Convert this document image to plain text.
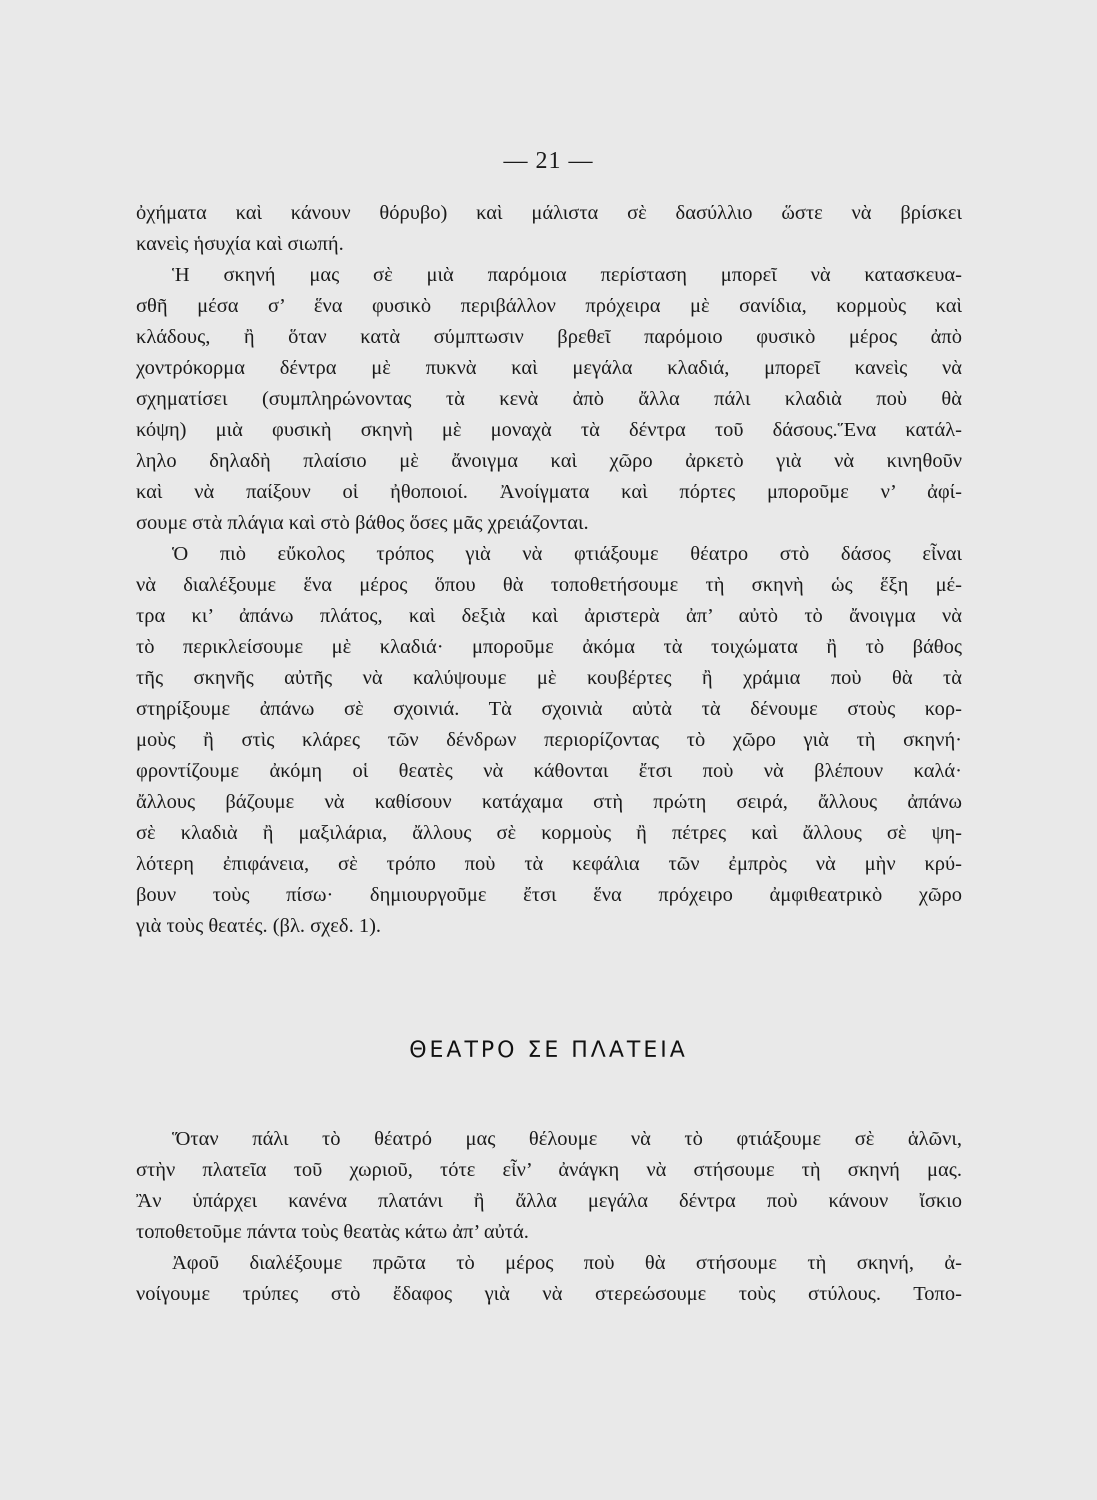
— 21 —
ὀχήματα καὶ κάνουν θόρυβο) καὶ μάλιστα σὲ δασύλλιο ὥστε νὰ βρίσκει
κανεὶς ἡσυχία καὶ σιωπή.
Ἡ σκηνή μας σὲ μιὰ παρόμοια περίσταση μπορεῖ νὰ κατασκευα-
σθῆ μέσα σ’ ἕνα φυσικὸ περιβάλλον πρόχειρα μὲ σανίδια, κορμοὺς καὶ
κλάδους, ἢ ὅταν κατὰ σύμπτωσιν βρεθεῖ παρόμοιο φυσικὸ μέρος ἀπὸ
χοντρόκορμα δέντρα μὲ πυκνὰ καὶ μεγάλα κλαδιά, μπορεῖ κανεὶς νὰ
σχηματίσει (συμπληρώνοντας τὰ κενὰ ἀπὸ ἄλλα πάλι κλαδιὰ ποὺ θὰ
κόψη) μιὰ φυσικὴ σκηνὴ μὲ μοναχὰ τὰ δέντρα τοῦ δάσους.Ἕνα κατάλ-
ληλο δηλαδὴ πλαίσιο μὲ ἄνοιγμα καὶ χῶρο ἀρκετὸ γιὰ νὰ κινηθοῦν
καὶ νὰ παίξουν οἱ ἠθοποιοί. Ἀνοίγματα καὶ πόρτες μποροῦμε ν’ ἀφί-
σουμε στὰ πλάγια καὶ στὸ βάθος ὅσες μᾶς χρειάζονται.
Ὁ πιὸ εὔκολος τρόπος γιὰ νὰ φτιάξουμε θέατρο στὸ δάσος εἶναι
νὰ διαλέξουμε ἕνα μέρος ὅπου θὰ τοποθετήσουμε τὴ σκηνὴ ὡς ἕξη μέ-
τρα κι’ ἀπάνω πλάτος, καὶ δεξιὰ καὶ ἀριστερὰ ἀπ’ αὐτὸ τὸ ἄνοιγμα νὰ
τὸ περικλείσουμε μὲ κλαδιά· μποροῦμε ἀκόμα τὰ τοιχώματα ἢ τὸ βάθος
τῆς σκηνῆς αὐτῆς νὰ καλύψουμε μὲ κουβέρτες ἢ χράμια ποὺ θὰ τὰ
στηρίξουμε ἀπάνω σὲ σχοινιά. Τὰ σχοινιὰ αὐτὰ τὰ δένουμε στοὺς κορ-
μοὺς ἢ στὶς κλάρες τῶν δένδρων περιορίζοντας τὸ χῶρο γιὰ τὴ σκηνή·
φροντίζουμε ἀκόμη οἱ θεατὲς νὰ κάθονται ἔτσι ποὺ νὰ βλέπουν καλά·
ἄλλους βάζουμε νὰ καθίσουν κατάχαμα στὴ πρώτη σειρά, ἄλλους ἀπάνω
σὲ κλαδιὰ ἢ μαξιλάρια, ἄλλους σὲ κορμοὺς ἢ πέτρες καὶ ἄλλους σὲ ψη-
λότερη ἐπιφάνεια, σὲ τρόπο ποὺ τὰ κεφάλια τῶν ἐμπρὸς νὰ μὴν κρύ-
βουν τοὺς πίσω· δημιουργοῦμε ἔτσι ἕνα πρόχειρο ἀμφιθεατρικὸ χῶρο
γιὰ τοὺς θεατές. (βλ. σχεδ. 1).
ΘΕΑΤΡΟ ΣΕ ΠΛΑΤΕΙΑ
Ὅταν πάλι τὸ θέατρό μας θέλουμε νὰ τὸ φτιάξουμε σὲ ἁλῶνι,
στὴν πλατεῖα τοῦ χωριοῦ, τότε εἶν’ ἀνάγκη νὰ στήσουμε τὴ σκηνή μας.
Ἂν ὑπάρχει κανένα πλατάνι ἢ ἄλλα μεγάλα δέντρα ποὺ κάνουν ἴσκιο
τοποθετοῦμε πάντα τοὺς θεατὰς κάτω ἀπ’ αὐτά.
Ἀφοῦ διαλέξουμε πρῶτα τὸ μέρος ποὺ θὰ στήσουμε τὴ σκηνή, ἀ-
νοίγουμε τρύπες στὸ ἔδαφος γιὰ νὰ στερεώσουμε τοὺς στύλους. Τοπο-
